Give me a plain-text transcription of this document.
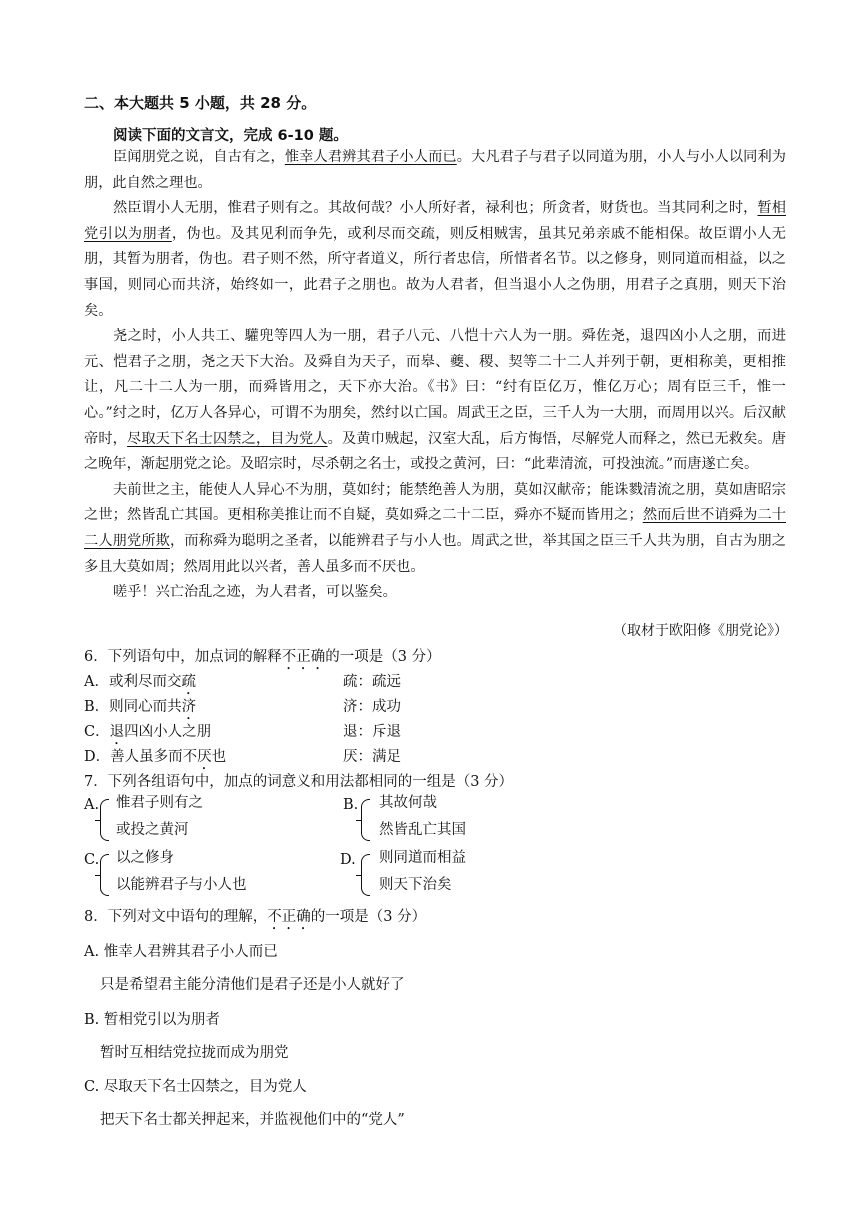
二、本大题共 5 小题，共 28 分。
阅读下面的文言文，完成 6-10 题。

臣闻朋党之说，自古有之，惟幸人君辨其君子小人而已。大凡君子与君子以同道为朋，小人与小人以同利为朋，此自然之理也。

然臣谓小人无朋，惟君子则有之。其故何哉？小人所好者，禄利也；所贪者，财货也。当其同利之时，暂相党引以为朋者，伪也。及其见利而争先，或利尽而交疏，则反相贼害，虽其兄弟亲戚不能相保。故臣谓小人无朋，其暂为朋者，伪也。君子则不然，所守者道义，所行者忠信，所惜者名节。以之修身，则同道而相益，以之事国，则同心而共济，始终如一，此君子之朋也。故为人君者，但当退小人之伪朋，用君子之真朋，则天下治矣。

尧之时，小人共工、驩兜等四人为一朋，君子八元、八恺十六人为一朋。舜佐尧，退四凶小人之朋，而进元、恺君子之朋，尧之天下大治。及舜自为天子，而皋、夔、稷、契等二十二人并列于朝，更相称美，更相推让，凡二十二人为一朋，而舜皆用之，天下亦大治。《书》曰：“纣有臣亿万，惟亿万心；周有臣三千，惟一心。”纣之时，亿万人各异心，可谓不为朋矣，然纣以亡国。周武王之臣，三千人为一大朋，而周用以兴。后汉献帝时，尽取天下名士囚禁之，目为党人。及黄巾贼起，汉室大乱，后方悔悟，尽解党人而释之，然已无救矣。唐之晚年，渐起朋党之论。及昭宗时，尽杀朝之名士，或投之黄河，曰：“此辈清流，可投浊流。”而唐遂亡矣。

夫前世之主，能使人人异心不为朋，莫如纣；能禁绝善人为朋，莫如汉献帝；能诛戮清流之朋，莫如唐昭宗之世；然皆乱亡其国。更相称美推让而不自疑，莫如舜之二十二臣，舜亦不疑而皆用之；然而后世不诮舜为二十二人朋党所欺，而称舜为聪明之圣者，以能辨君子与小人也。周武之世，举其国之臣三千人共为朋，自古为朋之多且大莫如周；然周用此以兴者，善人虽多而不厌也。

嗟乎！兴亡治乱之迹，为人君者，可以鉴矣。

（取材于欧阳修《朋党论》）
6．下列语句中，加点词的解释不正确的一项是（3 分）
A．或利尽而交疏	疏：疏远
B．则同心而共济	济：成功
C．退四凶小人之朋	退：斥退
D．善人虽多而不厌也	厌：满足
7．下列各组语句中，加点的词意义和用法都相同的一组是（3 分）
A. 惟君子则有之
或投之黄河
B. 其故何哉
然皆乱亡其国
C. 以之修身
以能辨君子与小人也
D. 则同道而相益
则天下治矣
8．下列对文中语句的理解，不正确的一项是（3 分）
A. 惟幸人君辨其君子小人而已
只是希望君主能分清他们是君子还是小人就好了
B. 暂相党引以为朋者
暂时互相结党拉拢而成为朋党
C. 尽取天下名士囚禁之，目为党人
把天下名士都关押起来，并监视他们中的“党人”
